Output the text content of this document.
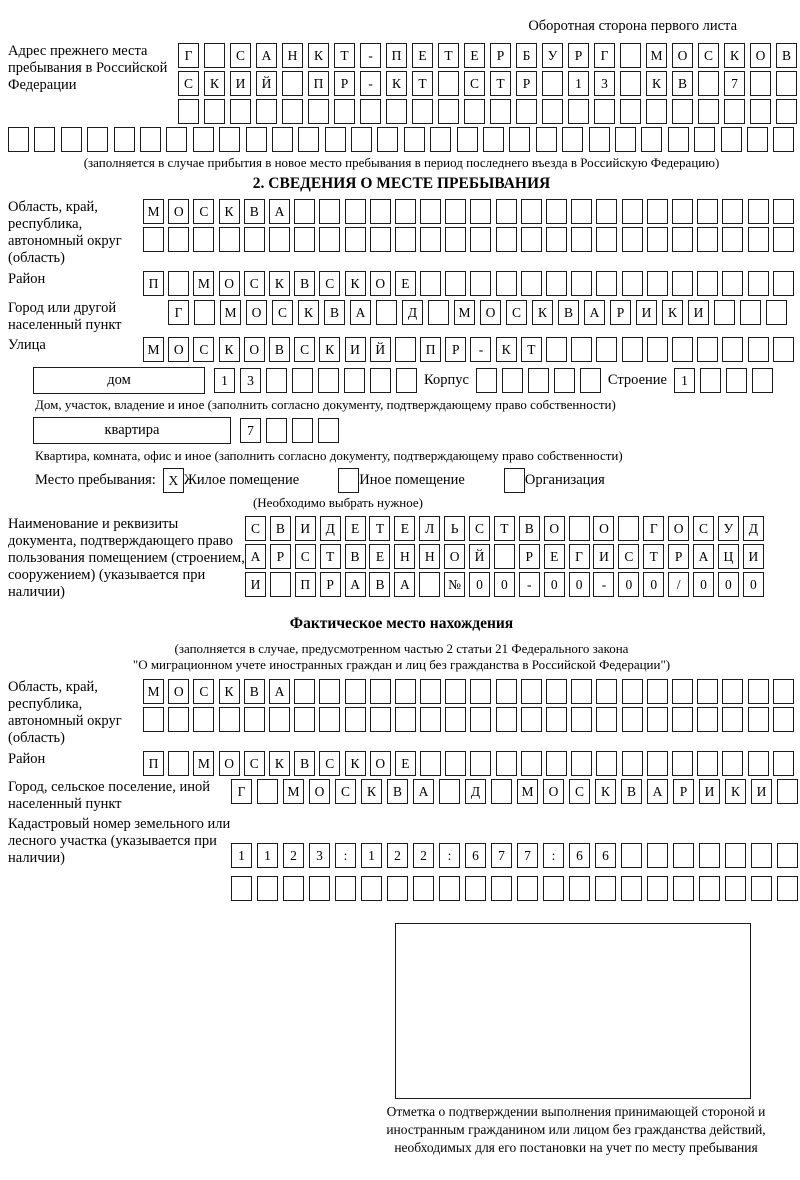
Оборотная сторона первого листа
Адрес прежнего места пребывания в Российской Федерации
Г	С	А	Н	К	Т	-	П	Е	Т	Е	Р	Б	У	Р	Г	М	О	С	К	О	В
С	К	И	Й	П	Р	-	К	Т	С	Т	Р	1	3	К	В	7
(заполняется в случае прибытия в новое место пребывания в период последнего въезда в Российскую Федерацию)
2. СВЕДЕНИЯ О МЕСТЕ ПРЕБЫВАНИЯ
Область, край, республика, автономный округ (область)
М	О	С	К	В	А
Район	П	М	О	С	К	В	С	К	О	Е
Город или другой населенный пункт
Г	М	О	С	К	В	А	Д	М	О	С	К	В	А	Р	И	К	И
Улица	М	О	С	К	О	В	С	К	И	Й	П	Р	-	К	Т
дом	1	3	Корпус	Строение	1
Дом, участок, владение и иное (заполнить согласно документу, подтверждающему право собственности)
квартира	7
Квартира, комната, офис и иное (заполнить согласно документу, подтверждающему право собственности)
Место пребывания: X Жилое помещение	Иное помещение	Организация
(Необходимо выбрать нужное)
Наименование и реквизиты документа, подтверждающего право пользования помещением (строением, сооружением) (указывается при наличии)
С	В	И	Д	Е	Т	Е	Л	Ь	С	Т	В	О	О	Г	О	С	У	Д
А	Р	С	Т	В	Е	Н	Н	О	Й	Р	Е	Г	И	С	Т	Р	А	Ц	И
И	П	Р	А	В	А	№	0	0	-	0	0	-	0	0	/	0	0	0
Фактическое место нахождения
(заполняется в случае, предусмотренном частью 2 статьи 21 Федерального закона
"О миграционном учете иностранных граждан и лиц без гражданства в Российской Федерации")
Область, край, республика, автономный округ (область)
М	О	С	К	В	А
Район	П	М	О	С	К	В	С	К	О	Е
Город, сельское поселение, иной населенный пункт
Г	М	О	С	К	В	А	Д	М	О	С	К	В	А	Р	И	К	И
Кадастровый номер земельного или лесного участка (указывается при наличии)	1	1	2	3	:	1	2	2	:	6	7	7	:	6	6
Отметка о подтверждении выполнения принимающей стороной и иностранным гражданином или лицом без гражданства действий, необходимых для его постановки на учет по месту пребывания
